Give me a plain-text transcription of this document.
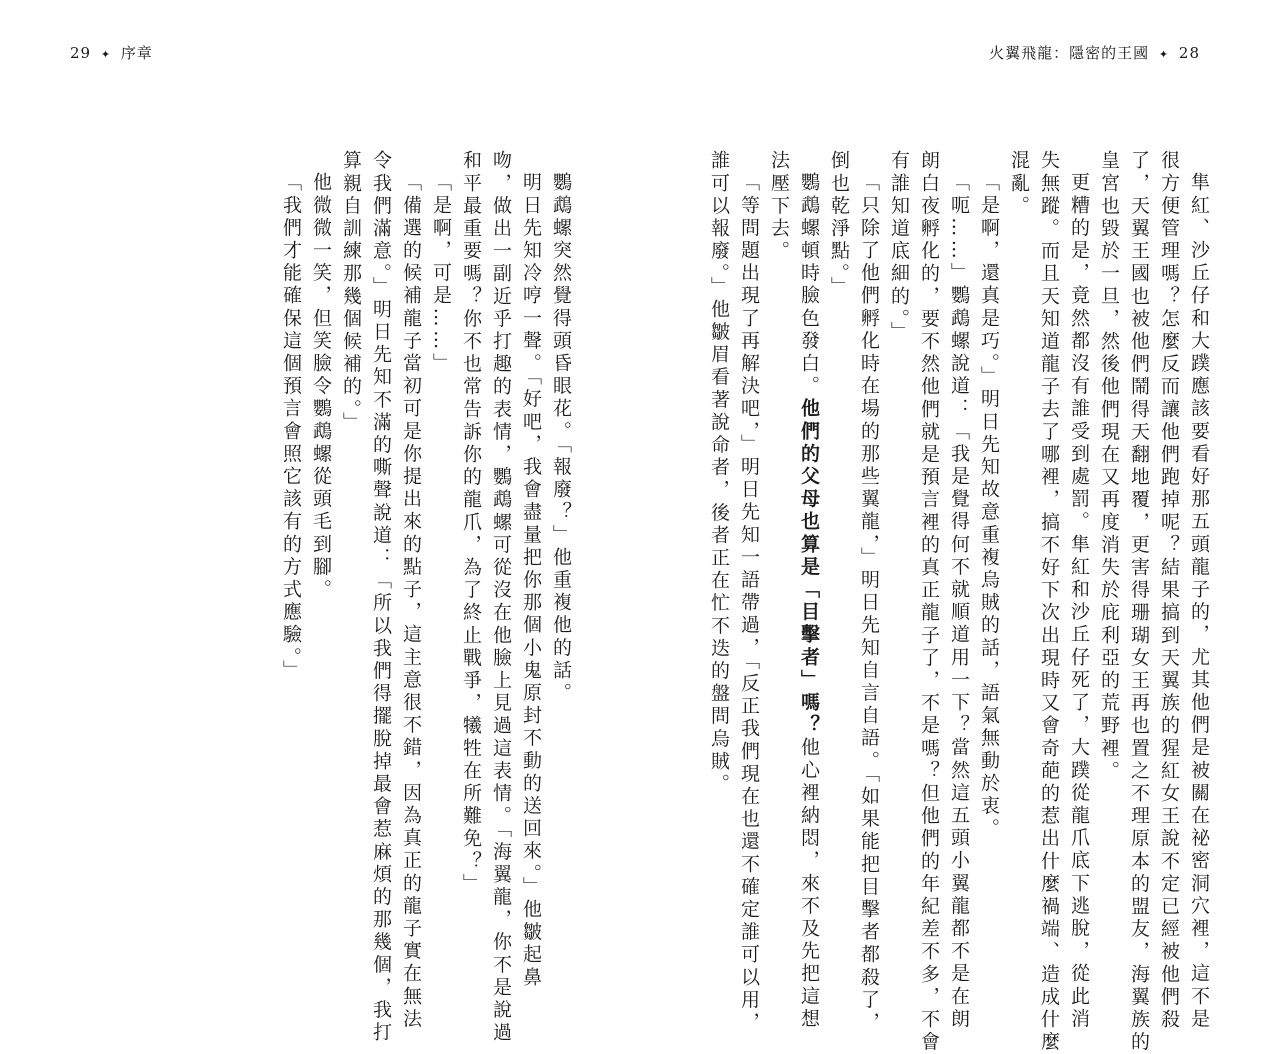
29 ✦ 序章	火翼飛龍：隱密的王國 ✦ 28
隼紅、沙丘仔和大蹼應該要看好那五頭龍子的，尤其他們是被關在祕密洞穴裡，這不是
很方便管理嗎？怎麼反而讓他們跑掉呢？結果搞到天翼族的猩紅女王說不定已經被他們殺
了，天翼王國也被他們鬧得天翻地覆，更害得珊瑚女王再也置之不理原本的盟友，海翼族的
皇宮也毀於一旦，然後他們現在又再度消失於庇利亞的荒野裡。
更糟的是，竟然都沒有誰受到處罰。隼紅和沙丘仔死了，大蹼從龍爪底下逃脫，從此消
失無蹤。而且天知道龍子去了哪裡，搞不好下次出現時又會奇葩的惹出什麼禍端、造成什麼
混亂。
「是啊，還真是巧。」明日先知故意重複烏賊的話，語氣無動於衷。
「呃……」鸚鵡螺說道：「我是覺得何不就順道用一下？當然這五頭小翼龍都不是在朗
朗白夜孵化的，要不然他們就是預言裡的真正龍子了，不是嗎？但他們的年紀差不多，不會
有誰知道底細的。」
「只除了他們孵化時在場的那些翼龍，」明日先知自言自語。「如果能把目擊者都殺了，
倒也乾淨點。」
鸚鵡螺頓時臉色發白。他們的父母也算是「目擊者」嗎？他心裡納悶，來不及先把這想
法壓下去。
「等問題出現了再解決吧，」明日先知一語帶過，「反正我們現在也還不確定誰可以用，
誰可以報廢。」他皺眉看著說命者，後者正在忙不迭的盤問烏賊。
鸚鵡螺突然覺得頭昏眼花。「報廢？」他重複他的話。
明日先知冷哼一聲。「好吧，我會盡量把你那個小鬼原封不動的送回來。」他皺起鼻
吻，做出一副近乎打趣的表情，鸚鵡螺可從沒在他臉上見過這表情。「海翼龍，你不是說過
和平最重要嗎？你不也常告訴你的龍爪，為了終止戰爭，犧牲在所難免？」
「是啊，可是……」
「備選的候補龍子當初可是你提出來的點子，這主意很不錯，因為真正的龍子實在無法
令我們滿意。」明日先知不滿的嘶聲說道：「所以我們得擺脫掉最會惹麻煩的那幾個，我打
算親自訓練那幾個候補的。」
他微微一笑，但笑臉令鸚鵡螺從頭毛到腳。
「我們才能確保這個預言會照它該有的方式應驗。」
